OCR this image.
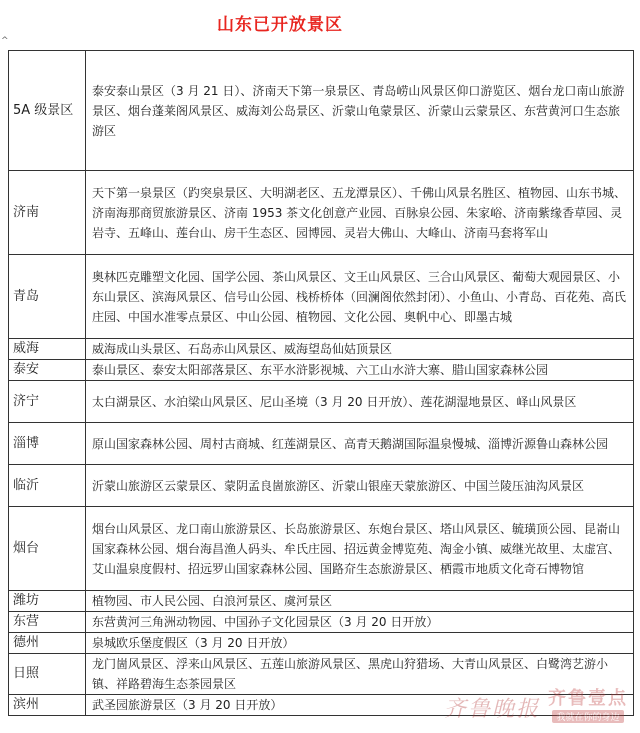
山东已开放景区
^
5A 级景区	泰安泰山景区（3 月 21 日）、济南天下第一泉景区、青岛崂山风景区仰口游览区、烟台龙口南山旅游景区、烟台蓬莱阁风景区、威海刘公岛景区、沂蒙山龟蒙景区、沂蒙山云蒙景区、东营黄河口生态旅游区
济南	天下第一泉景区（趵突泉景区、大明湖老区、五龙潭景区）、千佛山风景名胜区、植物园、山东书城、济南海那商贸旅游景区、济南 1953 茶文化创意产业园、百脉泉公园、朱家峪、济南紫缘香草园、灵岩寺、五峰山、莲台山、房干生态区、园博园、灵岩大佛山、大峰山、济南马套将军山
青岛	奥林匹克雕塑文化园、国学公园、茶山风景区、文王山风景区、三合山风景区、葡萄大观园景区、小东山景区、滨海风景区、信号山公园、栈桥桥体（回澜阁依然封闭）、小鱼山、小青岛、百花苑、高氏庄园、中国水准零点景区、中山公园、植物园、文化公园、奥帆中心、即墨古城
威海	威海成山头景区、石岛赤山风景区、威海望岛仙姑顶景区
泰安	泰山景区、泰安太阳部落景区、东平水浒影视城、六工山水浒大寨、腊山国家森林公园
济宁	太白湖景区、水泊梁山风景区、尼山圣境（3 月 20 日开放）、莲花湖湿地景区、峄山风景区
淄博	原山国家森林公园、周村古商城、红莲湖景区、高青天鹅湖国际温泉慢城、淄博沂源鲁山森林公园
临沂	沂蒙山旅游区云蒙景区、蒙阴孟良崮旅游区、沂蒙山银座天蒙旅游区、中国兰陵压油沟风景区
烟台	烟台山风景区、龙口南山旅游景区、长岛旅游景区、东炮台景区、塔山风景区、毓璜顶公园、昆嵛山国家森林公园、烟台海昌渔人码头、牟氏庄园、招远黄金博览苑、淘金小镇、威继光故里、太虚宫、艾山温泉度假村、招远罗山国家森林公园、国路夼生态旅游景区、栖霞市地质文化奇石博物馆
潍坊	植物园、市人民公园、白浪河景区、虞河景区
东营	东营黄河三角洲动物园、中国孙子文化园景区（3 月 20 日开放）
德州	泉城欧乐堡度假区（3 月 20 日开放）
日照	龙门崮风景区、浮来山风景区、五莲山旅游风景区、黑虎山狩猎场、大青山风景区、白鹭湾艺游小镇、祥路碧海生态茶园景区
滨州	武圣园旅游景区（3 月 20 日开放）	齐鲁晚报 齐鲁壹点
我就在你的身边
